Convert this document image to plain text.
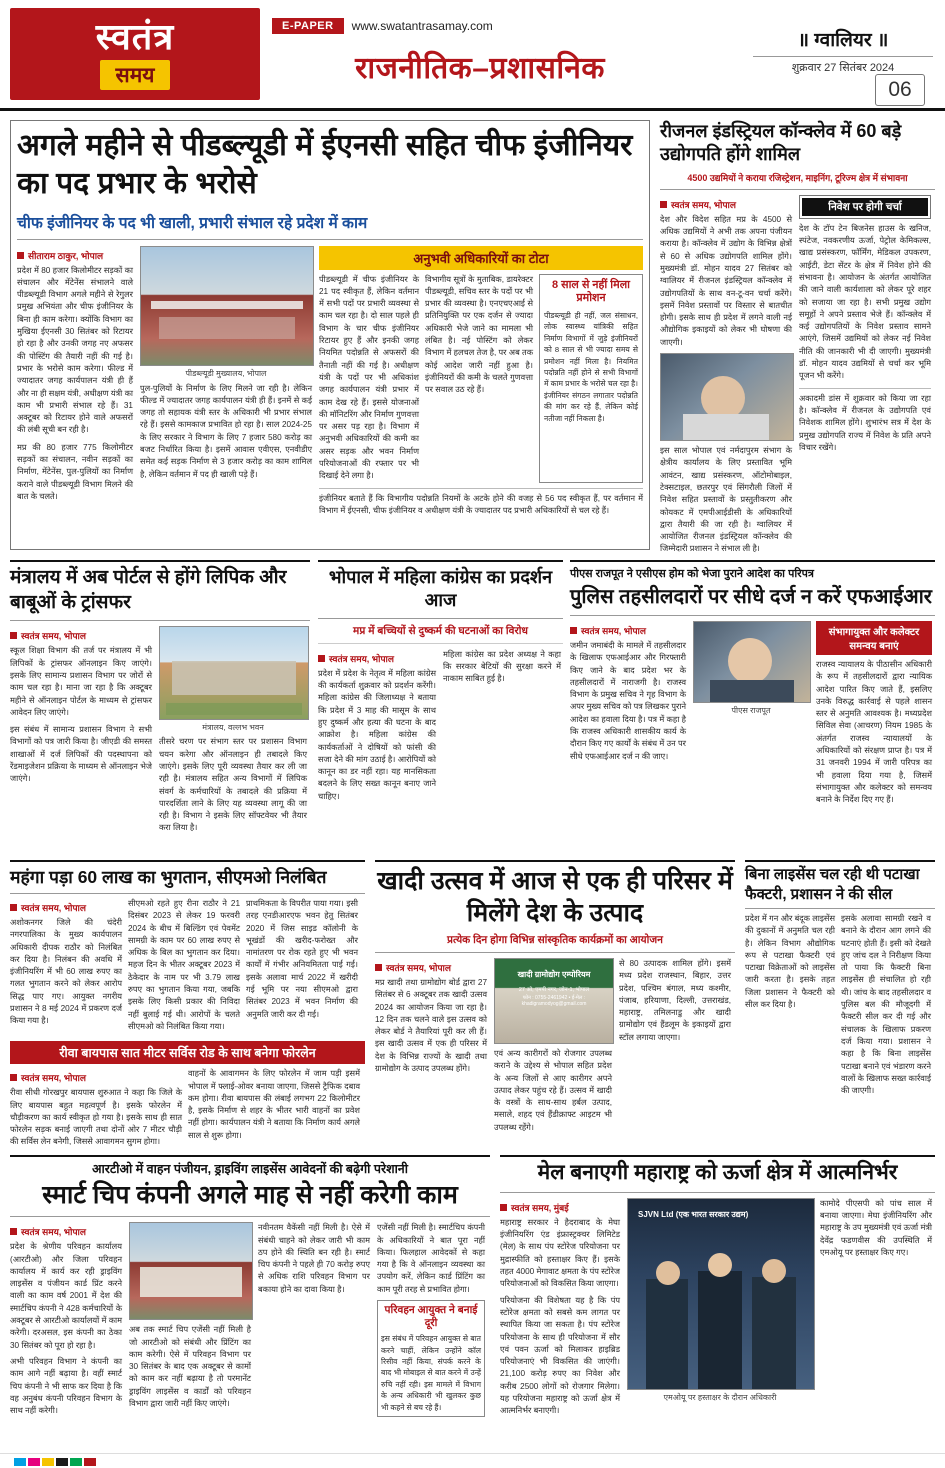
स्वतंत्र
समय
E-PAPER	www.swatantrasamay.com
राजनीतिक–प्रशासनिक
॥ ग्वालियर ॥
शुक्रवार 27 सितंबर 2024
06
अगले महीने से पीडब्ल्यूडी में ईएनसी सहित चीफ इंजीनियर का पद प्रभार के भरोसे
चीफ इंजीनियर के पद भी खाली, प्रभारी संभाल रहे प्रदेश में काम
सीताराम ठाकुर, भोपाल
प्रदेश में 80 हजार किलोमीटर सड़कों का संचालन और मेंटेनेंस संभालने वाले पीडब्ल्यूडी विभाग अगले महीने से रेगुलर प्रमुख अभियंता और चीफ इंजीनियर के बिना ही काम करेगा। क्योंकि विभाग का मुखिया ईएनसी 30 सितंबर को रिटायर हो रहा है और उनकी जगह नए अफसर की पोस्टिंग की तैयारी नहीं की गई है। प्रभार के भरोसे काम करेगा। फील्ड में ज्यादातर जगह कार्यपालन यंत्री ही हैं और ना ही सक्षम यंत्री, अधीक्षण यंत्री का काम भी प्रभारी संभाल रहे हैं। 31 अक्टूबर को रिटायर होने वाले अफसरों की लंबी सूची बन रही है।
मप्र की 80 हजार 775 किलोमीटर सड़कों का संचालन, नवीन सड़कों का निर्माण, मेंटेनेंस, पुल-पुलियों का निर्माण कराने वाले पीडब्ल्यूडी विभाग मिलने की बात के चलते।
पीडब्ल्यूडी मुख्यालय, भोपाल
पुल-पुलियों के निर्माण के लिए मिलने जा रही है। लेकिन फील्ड में ज्यादातर जगह कार्यपालन यंत्री ही हैं। इनमें से कई जगह तो सहायक यंत्री स्तर के अधिकारी भी प्रभार संभाल रहे हैं। इससे कामकाज प्रभावित हो रहा है। साल 2024-25 के लिए सरकार ने विभाग के लिए 7 हजार 580 करोड़ का बजट निर्धारित किया है। इसमें आवास एवीएस, एनवीडीए समेत कई सड़क निर्माण से 3 हजार करोड़ का काम शामिल है, लेकिन वर्तमान में पद ही खाली पड़े हैं।
अनुभवी अधिकारियों का टोटा
पीडब्ल्यूडी में चीफ इंजीनियर के 21 पद स्वीकृत हैं, लेकिन वर्तमान में सभी पदों पर प्रभारी व्यवस्था से काम चल रहा है। दो साल पहले ही विभाग के चार चीफ इंजीनियर रिटायर हुए हैं और इनकी जगह नियमित पदोन्नति से अफसरों की तैनाती नहीं की गई है। अधीक्षण यंत्री के पदों पर भी अधिकांश जगह कार्यपालन यंत्री प्रभार में काम देख रहे हैं। इससे योजनाओं की मॉनिटरिंग और निर्माण गुणवत्ता पर असर पड़ रहा है। विभाग में अनुभवी अधिकारियों की कमी का असर सड़क और भवन निर्माण परियोजनाओं की रफ्तार पर भी दिखाई देने लगा है।
विभागीय सूत्रों के मुताबिक, डायरेक्टर पीडब्ल्यूडी, सचिव स्तर के पदों पर भी प्रभार की व्यवस्था है। एनएचएआई से प्रतिनियुक्ति पर एक दर्जन से ज्यादा अधिकारी भेजे जाने का मामला भी लंबित है। नई पोस्टिंग को लेकर विभाग में हलचल तेज है, पर अब तक कोई आदेश जारी नहीं हुआ है। इंजीनियरों की कमी के चलते गुणवत्ता पर सवाल उठ रहे हैं।
8 साल से नहीं मिला प्रमोशन
पीडब्ल्यूडी ही नहीं, जल संसाधन, लोक स्वास्थ्य यांत्रिकी सहित निर्माण विभागों में जुड़े इंजीनियरों को 8 साल से भी ज्यादा समय से प्रमोशन नहीं मिला है। नियमित पदोन्नति नहीं होने से सभी विभागों में काम प्रभार के भरोसे चल रहा है। इंजीनियर संगठन लगातार पदोन्नति की मांग कर रहे हैं, लेकिन कोई नतीजा नहीं निकला है।
इंजीनियर बताते हैं कि विभागीय पदोन्नति नियमों के अटके होने की वजह से 56 पद स्वीकृत हैं, पर वर्तमान में विभाग में ईएनसी, चीफ इंजीनियर व अधीक्षण यंत्री के ज्यादातर पद प्रभारी अधिकारियों से चल रहे हैं।
रीजनल इंडस्ट्रियल कॉन्क्लेव में 60 बड़े उद्योगपति होंगे शामिल
4500 उद्यमियों ने कराया रजिस्ट्रेशन, माइनिंग, टूरिज्म क्षेत्र में संभावना
स्वतंत्र समय, भोपाल
देश और विदेश सहित मप्र के 4500 से अधिक उद्यमियों ने अभी तक अपना पंजीयन कराया है। कॉन्क्लेव में उद्योग के विभिन्न क्षेत्रों से 60 से अधिक उद्योगपति शामिल होंगे। मुख्यमंत्री डॉ. मोहन यादव 27 सितंबर को ग्वालियर में रीजनल इंडस्ट्रियल कॉन्क्लेव में उद्योगपतियों के साथ वन-टू-वन चर्चा करेंगे। इसमें निवेश प्रस्तावों पर विस्तार से बातचीत होगी। इसके साथ ही प्रदेश में लगने वाली नई औद्योगिक इकाइयों को लेकर भी घोषणा की जाएगी।
इस साल भोपाल एवं नर्मदापुरम संभाग के क्षेत्रीय कार्यालय के लिए प्रस्तावित भूमि आवंटन, खाद्य प्रसंस्करण, ऑटोमोबाइल, टेक्सटाइल, छतरपुर एवं सिंगरौली जिलों में निवेश सहित प्रस्तावों के प्रस्तुतीकरण और कोयकट में एमपीआईडीसी के अधिकारियों द्वारा तैयारी की जा रही है। ग्वालियर में आयोजित रीजनल इंडस्ट्रियल कॉन्क्लेव की जिम्मेदारी प्रशासन ने संभाल ली है।
निवेश पर होगी चर्चा
देश के टॉप टेन बिजनेस हाउस के खनिज, स्पंटेज, नवकरणीय ऊर्जा, पेट्रोल केमिकल्स, खाद्य प्रसंस्करण, फॉर्मिंग, मेडिकल उपकरण, आईटी, डेटा सेंटर के क्षेत्र में निवेश होने की संभावना है। आयोजन के अंतर्गत आयोजित की जाने वाली कार्यशाला को लेकर पूरे शहर को सजाया जा रहा है। सभी प्रमुख उद्योग समूहों ने अपने प्रस्ताव भेजे हैं। कॉन्क्लेव में कई उद्योगपतियों के निवेश प्रस्ताव सामने आएंगे, जिसमें उद्यमियों को लेकर नई निवेश नीति की जानकारी भी दी जाएगी। मुख्यमंत्री डॉ. मोहन यादव उद्यमियों से चर्चा कर भूमि पूजन भी करेंगे।
अकादमी डांस में शुक्रवार को किया जा रहा है। कॉन्क्लेव में रीजनल के उद्योगपति एवं निवेशक शामिल होंगे। शुभारंभ सत्र में देश के प्रमुख उद्योगपति राज्य में निवेश के प्रति अपने विचार रखेंगे।
मंत्रालय में अब पोर्टल से होंगे लिपिक और बाबूओं के ट्रांसफर
स्वतंत्र समय, भोपाल
स्कूल शिक्षा विभाग की तर्ज पर मंत्रालय में भी लिपिकों के ट्रांसफर ऑनलाइन किए जाएंगे। इसके लिए सामान्य प्रशासन विभाग पर जोरों से काम चल रहा है। माना जा रहा है कि अक्टूबर महीने से ऑनलाइन पोर्टल के माध्यम से ट्रांसफर आवेदन लिए जाएंगे।
इस संबंध में सामान्य प्रशासन विभाग ने सभी विभागों को पत्र जारी किया है। जीएडी की समस्त शाखाओं में दर्ज लिपिकों की पदस्थापना को रेंडमाइजेशन प्रक्रिया के माध्यम से ऑनलाइन भेजे जाएंगे।
मंत्रालय, वल्लभ भवन
तीसरे चरण पर संभाग स्तर पर प्रशासन विभाग चयन करेगा और ऑनलाइन ही तबादले किए जाएंगे। इसके लिए पूरी व्यवस्था तैयार कर ली जा रही है। मंत्रालय सहित अन्य विभागों में लिपिक संवर्ग के कर्मचारियों के तबादले की प्रक्रिया में पारदर्शिता लाने के लिए यह व्यवस्था लागू की जा रही है। विभाग ने इसके लिए सॉफ्टवेयर भी तैयार करा लिया है।
भोपाल में महिला कांग्रेस का प्रदर्शन आज
मप्र में बच्चियों से दुष्कर्म की घटनाओं का विरोध
स्वतंत्र समय, भोपाल
प्रदेश में प्रदेश के नेतृत्व में महिला कांग्रेस की कार्यकर्ता शुक्रवार को प्रदर्शन करेंगी। महिला कांग्रेस की जिलाध्यक्ष ने बताया कि प्रदेश में 3 माह की मासूम के साथ हुए दुष्कर्म और हत्या की घटना के बाद आक्रोश है। महिला कांग्रेस की कार्यकर्ताओं ने दोषियों को फांसी की सजा देने की मांग उठाई है। आरोपियों को कानून का डर नहीं रहा। यह मानसिकता बदलने के लिए सख्त कानून बनाए जाने चाहिए।
महिला कांग्रेस का प्रदेश अध्यक्ष ने कहा कि सरकार बेटियों की सुरक्षा करने में नाकाम साबित हुई है।
पीएस राजपूत ने एसीएस होम को भेजा पुराने आदेश का परिपत्र
पुलिस तहसीलदारों पर सीधे दर्ज न करें एफआईआर
स्वतंत्र समय, भोपाल
जमीन जमाबंदी के मामले में तहसीलदार के खिलाफ एफआईआर और गिरफ्तारी किए जाने के बाद प्रदेश भर के तहसीलदारों में नाराजगी है। राजस्व विभाग के प्रमुख सचिव ने गृह विभाग के अपर मुख्य सचिव को पत्र लिखकर पुराने आदेश का हवाला दिया है। पत्र में कहा है कि राजस्व अधिकारी शासकीय कार्य के दौरान किए गए कार्यों के संबंध में उन पर सीधे एफआईआर दर्ज न की जाए।
पीएस राजपूत
संभागायुक्त और कलेक्टर समन्वय बनाएं
राजस्व न्यायालय के पीठासीन अधिकारी के रूप में तहसीलदारों द्वारा न्यायिक आदेश पारित किए जाते हैं, इसलिए उनके विरुद्ध कार्रवाई से पहले शासन स्तर से अनुमति आवश्यक है। मध्यप्रदेश सिविल सेवा (आचरण) नियम 1985 के अंतर्गत राजस्व न्यायालयों के अधिकारियों को संरक्षण प्राप्त है। पत्र में 31 जनवरी 1994 में जारी परिपत्र का भी हवाला दिया गया है, जिसमें संभागायुक्त और कलेक्टर को समन्वय बनाने के निर्देश दिए गए हैं।
महंगा पड़ा 60 लाख का भुगतान, सीएमओ निलंबित
स्वतंत्र समय, भोपाल
अशोकनगर जिले की चंदेरी नगरपालिका के मुख्य कार्यपालन अधिकारी दीपक राठौर को निलंबित कर दिया है। निलंबन की अवधि में इंजीनियरिंग में भी 60 लाख रुपए का गलत भुगतान करने को लेकर आरोप सिद्ध पाए गए। आयुक्त नगरीय प्रशासन ने 8 मई 2024 में प्रकरण दर्ज किया गया है।
सीएमओ रहते हुए रीना राठौर ने 21 दिसंबर 2023 से लेकर 19 फरवरी 2024 के बीच में बिल्डिंग एवं पेवमेंट सामग्री के काम पर 60 लाख रुपए से अधिक के बिल का भुगतान कर दिया। महज दिन के भीतर अक्टूबर 2023 में ठेकेदार के नाम पर भी 3.79 लाख रुपए का भुगतान किया गया, जबकि इसके लिए किसी प्रकार की निविदा नहीं बुलाई गई थी। आरोपों के चलते सीएमओ को निलंबित किया गया।
प्राथमिकता के विपरीत पाया गया। इसी तरह एनडीआरएफ भवन हेतु सितंबर 2020 में जिस साइड कॉलोनी के भूखंडों की खरीद-फरोख्त और नामांतरण पर रोक रहते हुए भी भवन कार्यों में गंभीर अनियमितता पाई गई। इसके अलावा मार्च 2022 में खरीदी गई भूमि पर नया सीएमओ द्वारा सितंबर 2023 में भवन निर्माण की अनुमति जारी कर दी गई।
रीवा बायपास सात मीटर सर्विस रोड के साथ बनेगा फोरलेन
स्वतंत्र समय, भोपाल
रीवा सीधी गोरखपुर बायपास शुरुआत ने कहा कि जिले के लिए बायपास बहुत महत्वपूर्ण है। इसके फोरलेन में चौड़ीकरण का कार्य स्वीकृत हो गया है। इसके साथ ही सात फोरलेन सड़क बनाई जाएगी तथा दोनों ओर 7 मीटर चौड़ी की सर्विस लेन बनेगी, जिससे आवागमन सुगम होगा।
वाहनों के आवागमन के लिए फोरलेन में जाम पड़ी इसमें भोपाल में फ्लाई-ओवर बनाया जाएगा, जिससे ट्रैफिक दबाव कम होगा। रीवा बायपास की लंबाई लगभग 22 किलोमीटर है, इसके निर्माण से शहर के भीतर भारी वाहनों का प्रवेश नहीं होगा। कार्यपालन यंत्री ने बताया कि निर्माण कार्य अगले साल से शुरू होगा।
खादी उत्सव में आज से एक ही परिसर में मिलेंगे देश के उत्पाद
प्रत्येक दिन होगा विभिन्न सांस्कृतिक कार्यक्रमों का आयोजन
स्वतंत्र समय, भोपाल
मप्र खादी तथा ग्रामोद्योग बोर्ड द्वारा 27 सितंबर से 6 अक्टूबर तक खादी उत्सव 2024 का आयोजन किया जा रहा है। 12 दिन तक चलने वाले इस उत्सव को लेकर बोर्ड ने तैयारियां पूरी कर ली हैं। इस खादी उत्सव में एक ही परिसर में देश के विभिन्न राज्यों के खादी तथा ग्रामोद्योग के उत्पाद उपलब्ध होंगे।
खादी ग्रामोद्योग एम्पोरियम
27 ओ, एमपी नगर, जोन-1, भोपाल
फोन : 0755-2461942 • ई-मेल : khadigramodyog@gmail.com
एवं अन्य कारीगरों को रोजगार उपलब्ध कराने के उद्देश्य से भोपाल सहित प्रदेश के अन्य जिलों से आए कारीगर अपने उत्पाद लेकर पहुंच रहे हैं। उत्सव में खादी के वस्त्रों के साथ-साथ हर्बल उत्पाद, मसाले, शहद एवं हैंडीक्राफ्ट आइटम भी उपलब्ध रहेंगे।
से 80 उत्पादक शामिल होंगे। इसमें मध्य प्रदेश राजस्थान, बिहार, उत्तर प्रदेश, पश्चिम बंगाल, मध्य कश्मीर, पंजाब, हरियाणा, दिल्ली, उत्तराखंड, महाराष्ट्र, तमिलनाडु और खादी ग्रामोद्योग एवं हैंडलूम के इकाइयों द्वारा स्टॉल लगाया जाएगा।
बिना लाइसेंस चल रही थी पटाखा फैक्टरी, प्रशासन ने की सील
प्रदेश में गन और बंदूक लाइसेंस की दुकानों में अनुमति चल रही है। लेकिन विभाग औद्योगिक रूप से पटाखा फैक्टरी एवं पटाखा विक्रेताओं को लाइसेंस जारी करता है। इसके तहत जिला प्रशासन ने फैक्टरी को सील कर दिया है।
इसके अलावा सामग्री रखने व बनाने के दौरान आग लगने की घटनाएं होती हैं। इसी को देखते हुए जांच दल ने निरीक्षण किया तो पाया कि फैक्टरी बिना लाइसेंस ही संचालित हो रही थी। जांच के बाद तहसीलदार व पुलिस बल की मौजूदगी में फैक्टरी सील कर दी गई और संचालक के खिलाफ प्रकरण दर्ज किया गया। प्रशासन ने कहा है कि बिना लाइसेंस पटाखा बनाने एवं भंडारण करने वालों के खिलाफ सख्त कार्रवाई की जाएगी।
आरटीओ में वाहन पंजीयन, ड्राइविंग लाइसेंस आवेदनों की बढ़ेगी परेशानी
स्मार्ट चिप कंपनी अगले माह से नहीं करेगी काम
स्वतंत्र समय, भोपाल
प्रदेश के श्रेणीय परिवहन कार्यालय (आरटीओ) और जिला परिवहन कार्यालय में कार्य कर रही ड्राइविंग लाइसेंस व पंजीयन कार्ड प्रिंट करने वाली का काम वर्ष 2001 में देश की स्मार्टचिप कंपनी ने 428 कर्मचारियों के अक्टूबर से आरटीओ कार्यालयों में काम करेगी। दरअसल, इस कंपनी का ठेका 30 सितंबर को पूरा हो रहा है।
अभी परिवहन विभाग ने कंपनी का काम आगे नहीं बढ़ाया है। वहीं स्मार्ट चिप कंपनी ने भी साफ कर दिया है कि वह अनुबंध कंपनी परिवहन विभाग के साथ नहीं करेगी।
अब तक स्मार्ट चिप एजेंसी नहीं मिली है जो आरटीओ को संबंधी और प्रिंटिंग का काम करेगी। ऐसे में परिवहन विभाग पर 30 सितंबर के बाद एक अक्टूबर से कामों को काम कर नहीं बढ़ाया है तो परमानेंट ड्राइविंग लाइसेंस व कार्डों को परिवहन विभाग द्वारा जारी नहीं किए जाएंगे।
नवीनतम वैकेंसी नहीं मिली है। ऐसे में संबंधी चाहने को लेकर जारी भी काम ठप होने की स्थिति बन रही है। स्मार्ट चिप कंपनी ने पहले ही 70 करोड़ रुपए से अधिक राशि परिवहन विभाग पर बकाया होने का दावा किया है।
एजेंसी नहीं मिली है। स्मार्टचिप कंपनी के अधिकारियों ने बात पूरा नहीं किया। फिलहाल आवेदकों से कहा गया है कि वे ऑनलाइन व्यवस्था का उपयोग करें, लेकिन कार्ड प्रिंटिंग का काम पूरी तरह से प्रभावित होगा।
परिवहन आयुक्त ने बनाई दूरी
इस संबंध में परिवहन आयुक्त से बात करने चाहीं, लेकिन उन्होंने कॉल रिसीव नहीं किया, संपर्क करने के बाद भी मोबाइल से बात करने में उन्हें रुचि नहीं रही। इस मामले में विभाग के अन्य अधिकारी भी खुलकर कुछ भी कहने से बच रहे हैं।
मेल बनाएगी महाराष्ट्र को ऊर्जा क्षेत्र में आत्मनिर्भर
स्वतंत्र समय, मुंबई
महाराष्ट्र सरकार ने हैदराबाद के मेघा इंजीनियरिंग एंड इंफ्रास्ट्रक्चर लिमिटेड (मेल) के साथ पंप स्टोरेज परियोजना पर मुद्रास्फीति को हस्ताक्षर किए हैं। इसके तहत 4000 मेगावाट क्षमता के पंप स्टोरेज परियोजनाओं को विकसित किया जाएगा।
परियोजना की विशेषता यह है कि पंप स्टोरेज क्षमता को सबसे कम लागत पर स्थापित किया जा सकता है। पंप स्टोरेज परियोजना के साथ ही परियोजना में सौर एवं पवन ऊर्जा को मिलाकर हाइब्रिड परियोजनाएं भी विकसित की जाएंगी। 21,100 करोड़ रुपए का निवेश और करीब 2500 लोगों को रोजगार मिलेगा। यह परियोजना महाराष्ट्र को ऊर्जा क्षेत्र में आत्मनिर्भर बनाएगी।
SJVN Ltd (एक भारत सरकार उद्यम)
एमओयू पर हस्ताक्षर के दौरान अधिकारी
कामोदे पीएसपी को पांच साल में बनाया जाएगा। मेघा इंजीनियरिंग और महाराष्ट्र के उप मुख्यमंत्री एवं ऊर्जा मंत्री देवेंद्र फडणवीस की उपस्थिति में एमओयू पर हस्ताक्षर किए गए।
